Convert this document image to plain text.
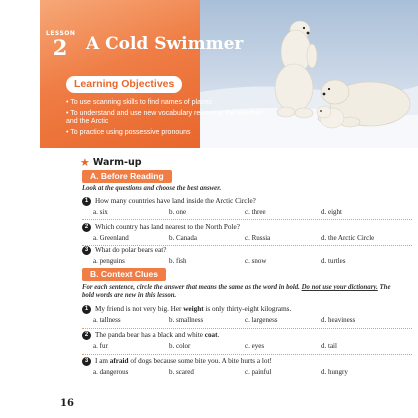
LESSON
2	A Cold Swimmer
Learning Objectives
• To use scanning skills to find names of places
• To understand and use new vocabulary related to the weather and the Arctic
• To practice using possessive pronouns
★ Warm-up
A. Before Reading
Look at the questions and choose the best answer.
1 How many countries have land inside the Arctic Circle?
a. six	b. one	c. three	d. eight
2 Which country has land nearest to the North Pole?
a. Greenland	b. Canada	c. Russia	d. the Arctic Circle
3 What do polar bears eat?
a. penguins	b. fish	c. snow	d. turtles
B. Context Clues
For each sentence, circle the answer that means the same as the word in bold. Do not use your dictionary. The bold words are new in this lesson.
1 My friend is not very big. Her weight is only thirty-eight kilograms.
a. tallness	b. smallness	c. largeness	d. heaviness
2 The panda bear has a black and white coat.
a. fur	b. color	c. eyes	d. tail
3 I am afraid of dogs because some bite you. A bite hurts a lot!
a. dangerous	b. scared	c. painful	d. hungry
16
